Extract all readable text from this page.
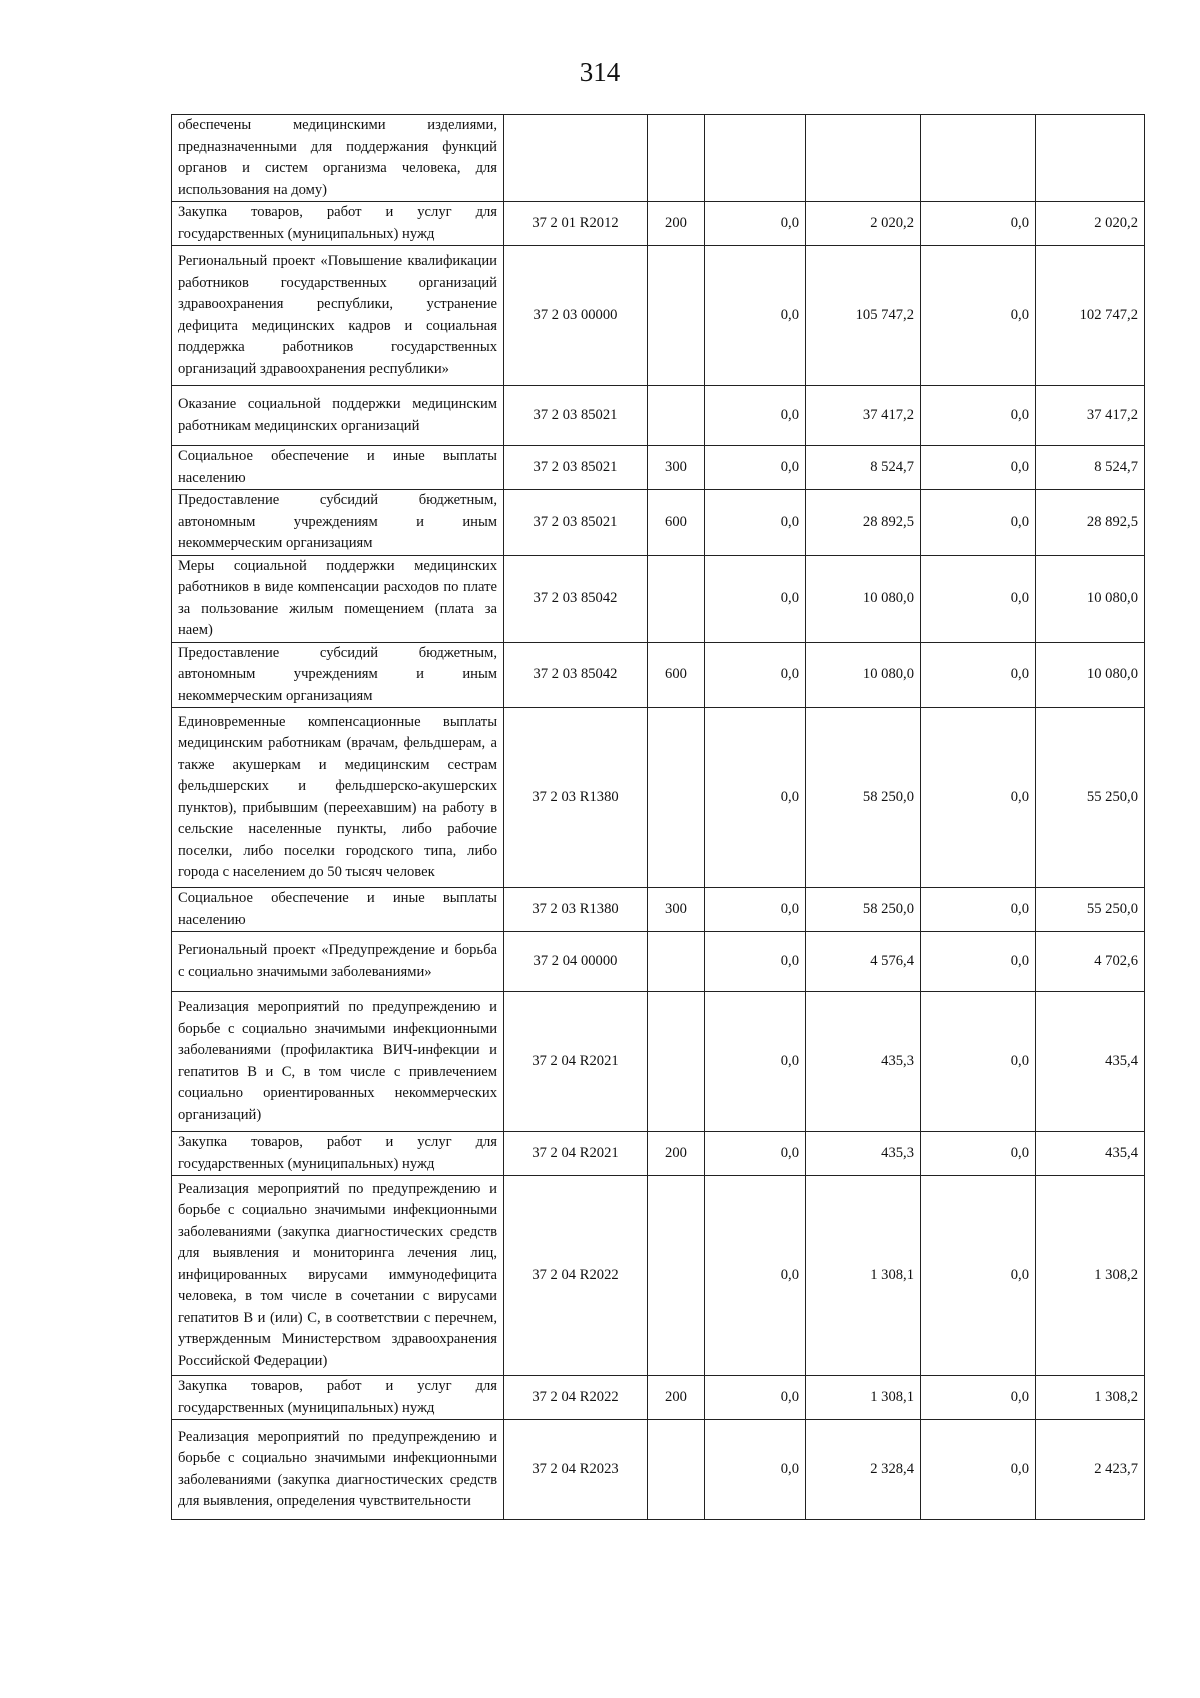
314
обеспечены медицинскими изделиями, предназначенными для поддержания функций органов и систем организма человека, для использования на дому)						
Закупка товаров, работ и услуг для государственных (муниципальных) нужд	37 2 01 R2012	200	0,0	2 020,2	0,0	2 020,2
Региональный проект «Повышение квалификации работников государственных организаций здравоохранения республики, устранение дефицита медицинских кадров и социальная поддержка работников государственных организаций здравоохранения республики»	37 2 03 00000		0,0	105 747,2	0,0	102 747,2
Оказание социальной поддержки медицинским работникам медицинских организаций	37 2 03 85021		0,0	37 417,2	0,0	37 417,2
Социальное обеспечение и иные выплаты населению	37 2 03 85021	300	0,0	8 524,7	0,0	8 524,7
Предоставление субсидий бюджетным, автономным учреждениям и иным некоммерческим организациям	37 2 03 85021	600	0,0	28 892,5	0,0	28 892,5
Меры социальной поддержки медицинских работников в виде компенсации расходов по плате за пользование жилым помещением (плата за наем)	37 2 03 85042		0,0	10 080,0	0,0	10 080,0
Предоставление субсидий бюджетным, автономным учреждениям и иным некоммерческим организациям	37 2 03 85042	600	0,0	10 080,0	0,0	10 080,0
Единовременные компенсационные выплаты медицинским работникам (врачам, фельдшерам, а также акушеркам и медицинским сестрам фельдшерских и фельдшерско-акушерских пунктов), прибывшим (переехавшим) на работу в сельские населенные пункты, либо рабочие поселки, либо поселки городского типа, либо города с населением до 50 тысяч человек	37 2 03 R1380		0,0	58 250,0	0,0	55 250,0
Социальное обеспечение и иные выплаты населению	37 2 03 R1380	300	0,0	58 250,0	0,0	55 250,0
Региональный проект «Предупреждение и борьба с социально значимыми заболеваниями»	37 2 04 00000		0,0	4 576,4	0,0	4 702,6
Реализация мероприятий по предупреждению и борьбе с социально значимыми инфекционными заболеваниями (профилактика ВИЧ-инфекции и гепатитов B и C, в том числе с привлечением социально ориентированных некоммерческих организаций)	37 2 04 R2021		0,0	435,3	0,0	435,4
Закупка товаров, работ и услуг для государственных (муниципальных) нужд	37 2 04 R2021	200	0,0	435,3	0,0	435,4
Реализация мероприятий по предупреждению и борьбе с социально значимыми инфекционными заболеваниями (закупка диагностических средств для выявления и мониторинга лечения лиц, инфицированных вирусами иммунодефицита человека, в том числе в сочетании с вирусами гепатитов B и (или) C, в соответствии с перечнем, утвержденным Министерством здравоохранения Российской Федерации)	37 2 04 R2022		0,0	1 308,1	0,0	1 308,2
Закупка товаров, работ и услуг для государственных (муниципальных) нужд	37 2 04 R2022	200	0,0	1 308,1	0,0	1 308,2
Реализация мероприятий по предупреждению и борьбе с социально значимыми инфекционными заболеваниями (закупка диагностических средств для выявления, определения чувствительности	37 2 04 R2023		0,0	2 328,4	0,0	2 423,7
